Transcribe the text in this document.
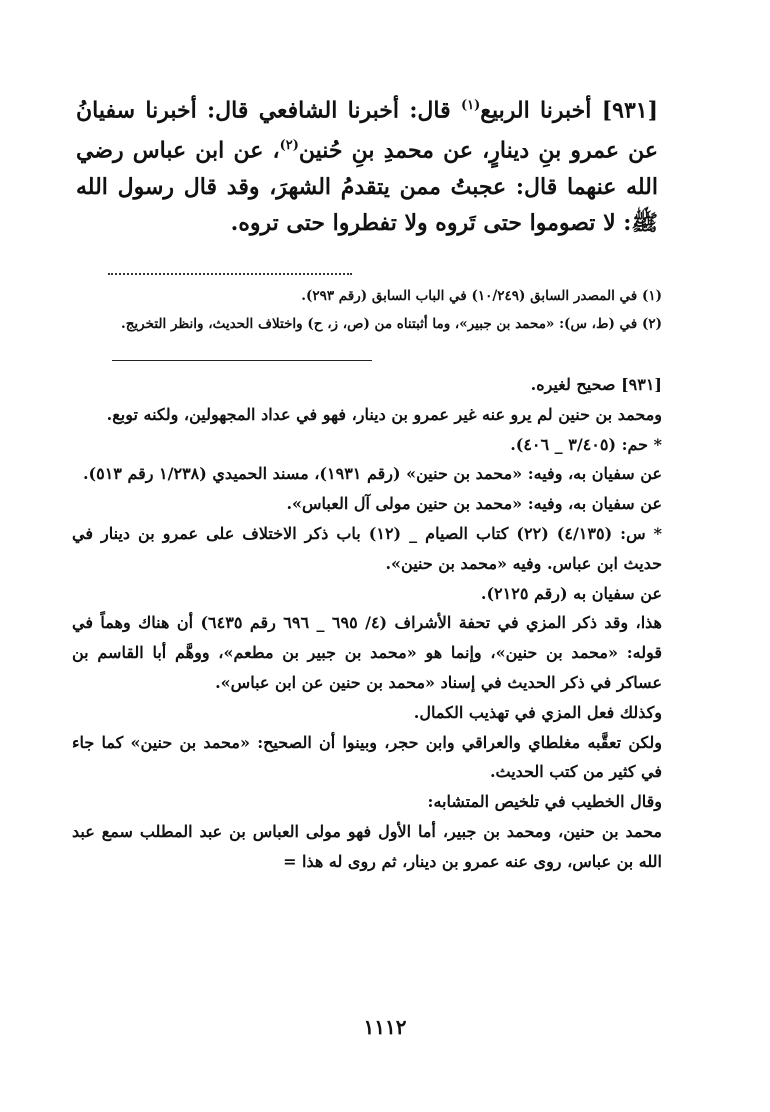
[٩٣١] أخبرنا الربيع$^{(١)}$ قال: أخبرنا الشافعي قال: أخبرنا سفيانُ عن عمرو بنِ دينارٍ، عن محمدِ بنِ حُنين$^{(٢)}$، عن ابن عباس رضي الله عنهما قال: عجبتُ ممن يتقدمُ الشهرَ، وقد قال رسول الله ﷺ: لا تصوموا حتى تَروه ولا تفطروا حتى تروه.

(١) في المصدر السابق (١٠/٢٤٩) في الباب السابق (رقم ٢٩٣).

(٢) في (ط، س): «محمد بن جبير»، وما أثبتناه من (ص، ز، ح) واختلاف الحديث، وانظر التخريج.

[٩٣١] صحيح لغيره.

ومحمد بن حنين لم يرو عنه غير عمرو بن دينار، فهو في عداد المجهولين، ولكنه توبع.

* حم: (٣/٤٠٥ _ ٤٠٦).

عن سفيان به، وفيه: «محمد بن حنين» (رقم ١٩٣١)، مسند الحميدي (١/٢٣٨ رقم ٥١٣).

عن سفيان به، وفيه: «محمد بن حنين مولى آل العباس».

* س: (٤/١٣٥) (٢٢) كتاب الصيام _ (١٢) باب ذكر الاختلاف على عمرو بن دينار في حديث ابن عباس. وفيه «محمد بن حنين».

عن سفيان به (رقم ٢١٢٥).

هذا، وقد ذكر المزي في تحفة الأشراف (٤/ ٦٩٥ _ ٦٩٦ رقم ٦٤٣٥) أن هناك وهماً في قوله: «محمد بن حنين»، وإنما هو «محمد بن جبير بن مطعم»، ووهَّم أبا القاسم بن عساكر في ذكر الحديث في إسناد «محمد بن حنين عن ابن عباس».

وكذلك فعل المزي في تهذيب الكمال.

ولكن تعقَّبه مغلطاي والعراقي وابن حجر، وبينوا أن الصحيح: «محمد بن حنين» كما جاء في كثير من كتب الحديث.

وقال الخطيب في تلخيص المتشابه:

محمد بن حنين، ومحمد بن جبير، أما الأول فهو مولى العباس بن عبد المطلب سمع عبد الله بن عباس، روى عنه عمرو بن دينار، ثم روى له هذا =

١١١٢
